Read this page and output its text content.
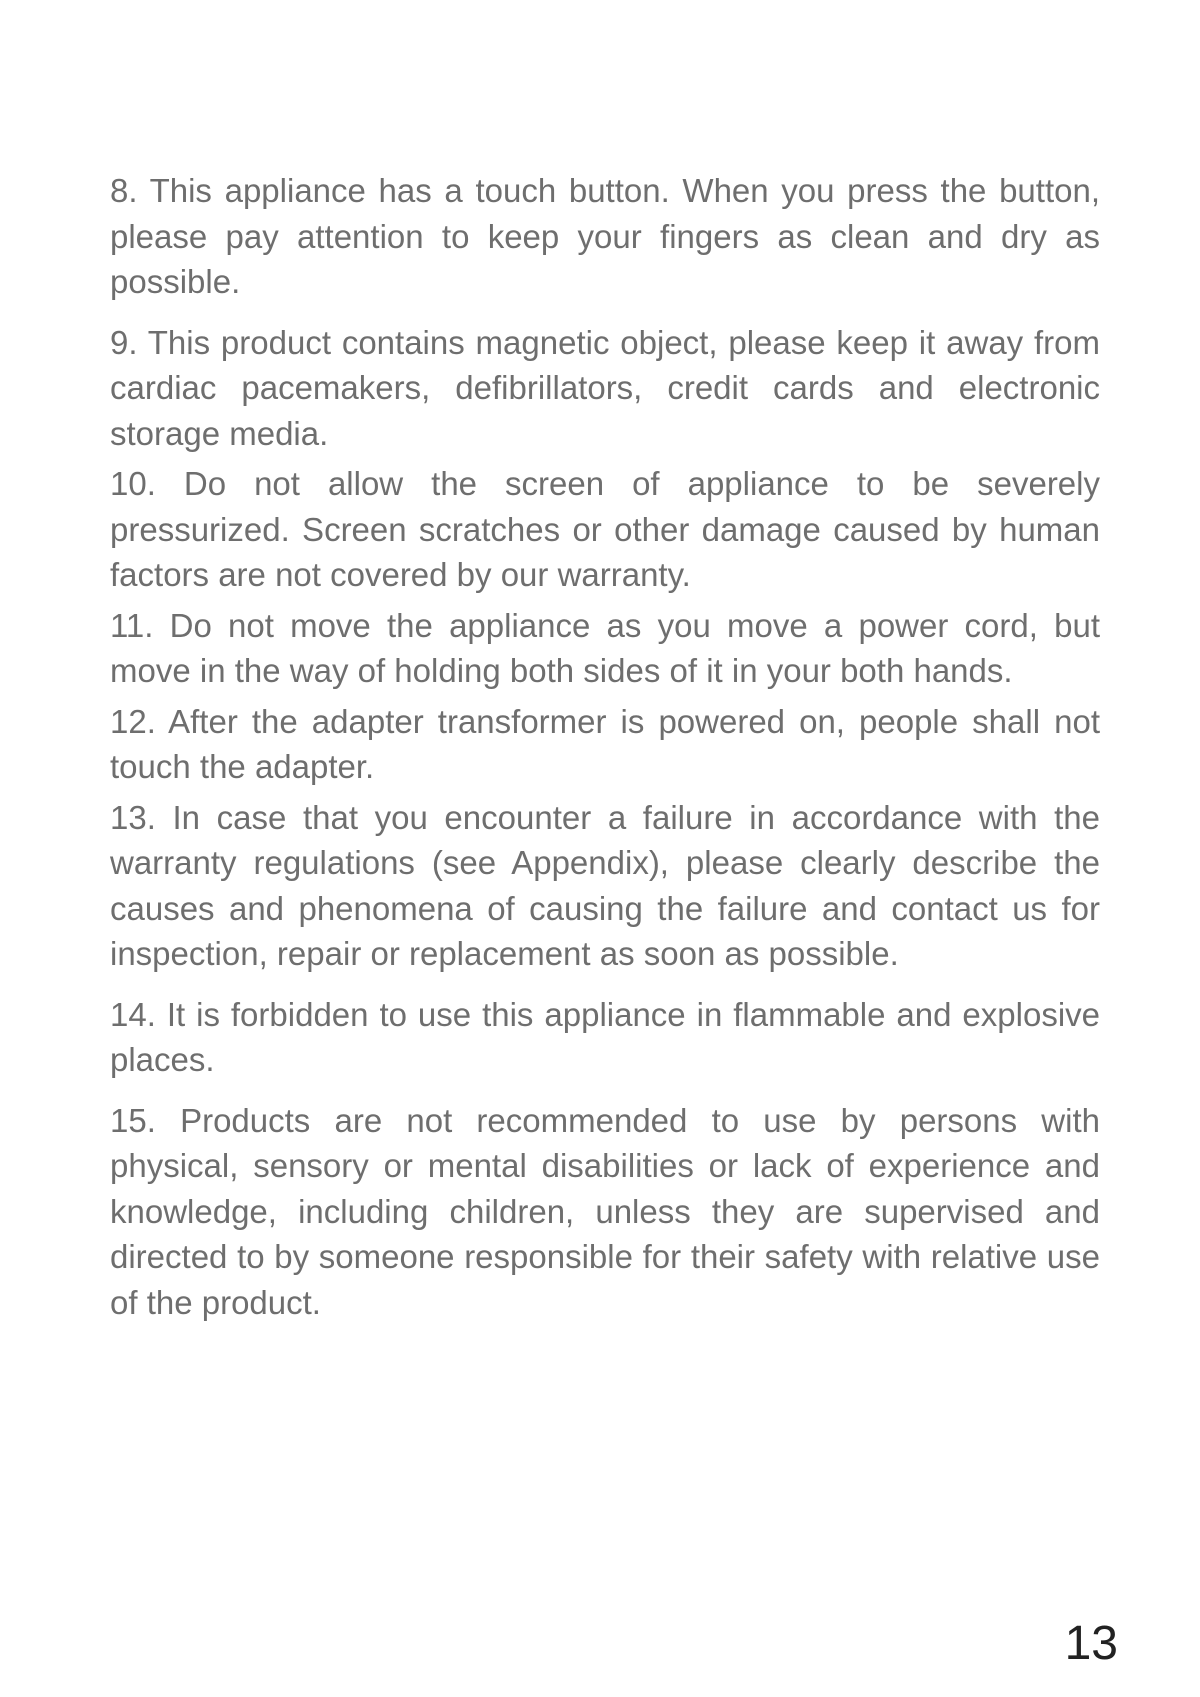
8. This appliance has a touch button. When you press the button, please pay attention to keep your fingers as clean and dry as possible.

9. This product contains magnetic object, please keep it away from cardiac pacemakers, defibrillators, credit cards and electronic storage media.

10. Do not allow the screen of appliance to be severely pressurized. Screen scratches or other damage caused by human factors are not covered by our warranty.

11. Do not move the appliance as you move a power cord, but move in the way of holding both sides of it in your both hands.

12. After the adapter transformer is powered on, people shall not touch the adapter.

13. In case that you encounter a failure in accordance with the warranty regulations (see Appendix), please clearly describe the causes and phenomena of causing the failure and contact us for inspection, repair or replacement as soon as possible.

14. It is forbidden to use this appliance in flammable and explosive places.

15. Products are not recommended to use by persons with physical, sensory or mental disabilities or lack of experience and knowledge, including children, unless they are supervised and directed to by someone responsible for their safety with relative use of the product.

13
